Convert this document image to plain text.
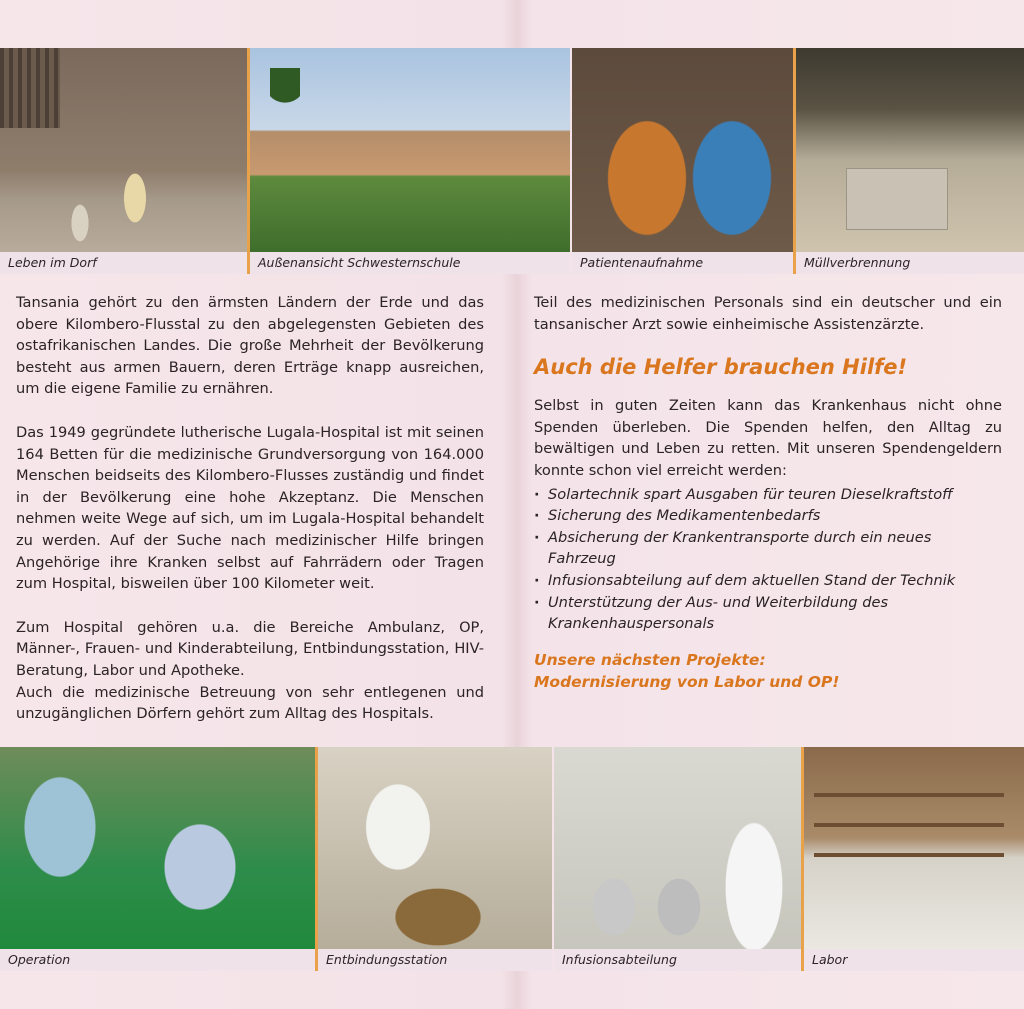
Leben im Dorf	Außenansicht Schwesternschule	Patientenaufnahme	Müllverbrennung

Tansania gehört zu den ärmsten Ländern der Erde und das obere Kilombero-Flusstal zu den abgelegensten Gebieten des ostafrikanischen Landes. Die große Mehrheit der Bevölkerung besteht aus armen Bauern, deren Erträge knapp ausreichen, um die eigene Familie zu ernähren.

Das 1949 gegründete lutherische Lugala-Hospital ist mit seinen 164 Betten für die medizinische Grundversorgung von 164.000 Menschen beidseits des Kilombero-Flusses zuständig und findet in der Bevölkerung eine hohe Akzeptanz. Die Menschen nehmen weite Wege auf sich, um im Lugala-Hospital behandelt zu werden. Auf der Suche nach medizinischer Hilfe bringen Angehörige ihre Kranken selbst auf Fahrrädern oder Tragen zum Hospital, bisweilen über 100 Kilometer weit.

Zum Hospital gehören u.a. die Bereiche Ambulanz, OP, Männer-, Frauen- und Kinderabteilung, Entbindungsstation, HIV-Beratung, Labor und Apotheke.

Auch die medizinische Betreuung von sehr entlegenen und unzugänglichen Dörfern gehört zum Alltag des Hospitals.

Teil des medizinischen Personals sind ein deutscher und ein tansanischer Arzt sowie einheimische Assistenzärzte.

Auch die Helfer brauchen Hilfe!

Selbst in guten Zeiten kann das Krankenhaus nicht ohne Spenden überleben. Die Spenden helfen, den Alltag zu bewältigen und Leben zu retten. Mit unseren Spendengeldern konnte schon viel erreicht werden:

· Solartechnik spart Ausgaben für teuren Dieselkraftstoff
· Sicherung des Medikamentenbedarfs
· Absicherung der Krankentransporte durch ein neues Fahrzeug
· Infusionsabteilung auf dem aktuellen Stand der Technik
· Unterstützung der Aus- und Weiterbildung des Krankenhauspersonals
Unsere nächsten Projekte:
Modernisierung von Labor und OP!
Operation	Entbindungsstation	Infusionsabteilung	Labor
